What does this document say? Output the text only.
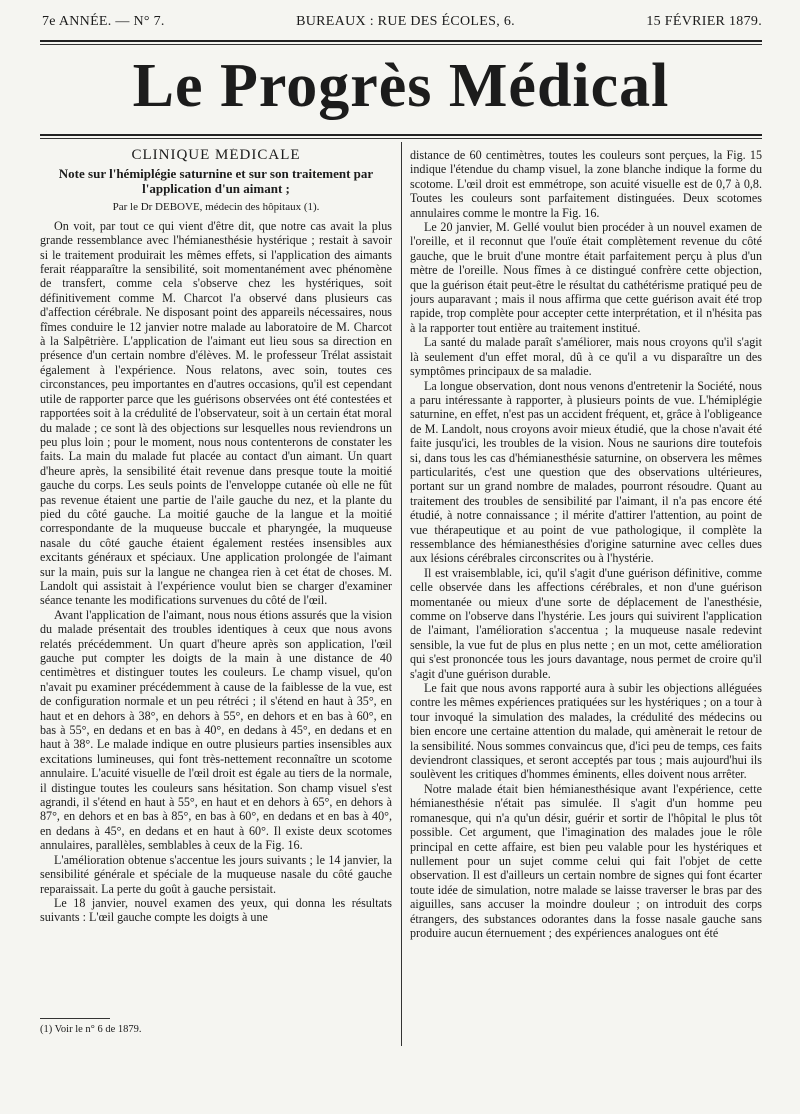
7e ANNÉE. — N° 7.	BUREAUX : RUE DES ÉCOLES, 6.	15 FÉVRIER 1879.
Le Progrès Médical
CLINIQUE MÉDICALE
Note sur l'hémiplégie saturnine et sur son traitement par l'application d'un aimant ;
Par le Dr DEBOVE, médecin des hôpitaux (1).

On voit, par tout ce qui vient d'être dit, que notre cas avait la plus grande ressemblance avec l'hémianesthésie hystérique ; restait à savoir si le traitement produirait les mêmes effets, si l'application des aimants ferait réapparaître la sensibilité, soit momentanément avec phénomène de transfert, comme cela s'observe chez les hystériques, soit définitivement comme M. Charcot l'a observé dans plusieurs cas d'affection cérébrale. Ne disposant point des appareils nécessaires, nous fîmes conduire le 12 janvier notre malade au laboratoire de M. Charcot à la Salpêtrière. L'application de l'aimant eut lieu sous sa direction en présence d'un certain nombre d'élèves. M. le professeur Trélat assistait également à l'expérience. Nous relatons, avec soin, toutes ces circonstances, peu importantes en d'autres occasions, qu'il est cependant utile de rapporter parce que les guérisons observées ont été contestées et rapportées soit à la crédulité de l'observateur, soit à un certain état moral du malade ; ce sont là des objections sur lesquelles nous reviendrons un peu plus loin ; pour le moment, nous nous contenterons de constater les faits. La main du malade fut placée au contact d'un aimant. Un quart d'heure après, la sensibilité était revenue dans presque toute la moitié gauche du corps. Les seuls points de l'enveloppe cutanée où elle ne fût pas revenue étaient une partie de l'aile gauche du nez, et la plante du pied du côté gauche. La moitié gauche de la langue et la moitié correspondante de la muqueuse buccale et pharyngée, la muqueuse nasale du côté gauche étaient également restées insensibles aux excitants généraux et spéciaux. Une application prolongée de l'aimant sur la main, puis sur la langue ne changea rien à cet état de choses. M. Landolt qui assistait à l'expérience voulut bien se charger d'examiner séance tenante les modifications survenues du côté de l'œil.

Avant l'application de l'aimant, nous nous étions assurés que la vision du malade présentait des troubles identiques à ceux que nous avons relatés précédemment. Un quart d'heure après son application, l'œil gauche put compter les doigts de la main à une distance de 40 centimètres et distinguer toutes les couleurs. Le champ visuel, qu'on n'avait pu examiner précédemment à cause de la faiblesse de la vue, est de configuration normale et un peu rétréci ; il s'étend en haut à 35°, en haut et en dehors à 38°, en dehors à 55°, en dehors et en bas à 60°, en bas à 55°, en dedans et en bas à 40°, en dedans à 45°, en dedans et en haut à 38°. Le malade indique en outre plusieurs parties insensibles aux excitations lumineuses, qui font très-nettement reconnaître un scotome annulaire. L'acuité visuelle de l'œil droit est égale au tiers de la normale, il distingue toutes les couleurs sans hésitation. Son champ visuel s'est agrandi, il s'étend en haut à 55°, en haut et en dehors à 65°, en dehors à 87°, en dehors et en bas à 85°, en bas à 60°, en dedans et en bas à 40°, en dedans à 45°, en dedans et en haut à 60°. Il existe deux scotomes annulaires, parallèles, semblables à ceux de la Fig. 16.

L'amélioration obtenue s'accentue les jours suivants ; le 14 janvier, la sensibilité générale et spéciale de la muqueuse nasale du côté gauche reparaissait. La perte du goût à gauche persistait.

Le 18 janvier, nouvel examen des yeux, qui donna les résultats suivants : L'œil gauche compte les doigts à une

distance de 60 centimètres, toutes les couleurs sont perçues, la Fig. 15 indique l'étendue du champ visuel, la zone blanche indique la forme du scotome. L'œil droit est emmétrope, son acuité visuelle est de 0,7 à 0,8. Toutes les couleurs sont parfaitement distinguées. Deux scotomes annulaires comme le montre la Fig. 16.

Le 20 janvier, M. Gellé voulut bien procéder à un nouvel examen de l'oreille, et il reconnut que l'ouïe était complètement revenue du côté gauche, que le bruit d'une montre était parfaitement perçu à plus d'un mètre de l'oreille. Nous fîmes à ce distingué confrère cette objection, que la guérison était peut-être le résultat du cathétérisme pratiqué peu de jours auparavant ; mais il nous affirma que cette guérison avait été trop rapide, trop complète pour accepter cette interprétation, et il n'hésita pas à la rapporter tout entière au traitement institué.

La santé du malade paraît s'améliorer, mais nous croyons qu'il s'agit là seulement d'un effet moral, dû à ce qu'il a vu disparaître un des symptômes principaux de sa maladie.

La longue observation, dont nous venons d'entretenir la Société, nous a paru intéressante à rapporter, à plusieurs points de vue. L'hémiplégie saturnine, en effet, n'est pas un accident fréquent, et, grâce à l'obligeance de M. Landolt, nous croyons avoir mieux étudié, que la chose n'avait été faite jusqu'ici, les troubles de la vision. Nous ne saurions dire toutefois si, dans tous les cas d'hémianesthésie saturnine, on observera les mêmes particularités, c'est une question que des observations ultérieures, portant sur un grand nombre de malades, pourront résoudre. Quant au traitement des troubles de sensibilité par l'aimant, il n'a pas encore été étudié, à notre connaissance ; il mérite d'attirer l'attention, au point de vue thérapeutique et au point de vue pathologique, il complète la ressemblance des hémianesthésies d'origine saturnine avec celles dues aux lésions cérébrales circonscrites ou à l'hystérie.

Il est vraisemblable, ici, qu'il s'agit d'une guérison définitive, comme celle observée dans les affections cérébrales, et non d'une guérison momentanée ou mieux d'une sorte de déplacement de l'anesthésie, comme on l'observe dans l'hystérie. Les jours qui suivirent l'application de l'aimant, l'amélioration s'accentua ; la muqueuse nasale redevint sensible, la vue fut de plus en plus nette ; en un mot, cette amélioration qui s'est prononcée tous les jours davantage, nous permet de croire qu'il s'agit d'une guérison durable.

Le fait que nous avons rapporté aura à subir les objections alléguées contre les mêmes expériences pratiquées sur les hystériques ; on a tour à tour invoqué la simulation des malades, la crédulité des médecins ou bien encore une certaine attention du malade, qui amènerait le retour de la sensibilité. Nous sommes convaincus que, d'ici peu de temps, ces faits deviendront classiques, et seront acceptés par tous ; mais aujourd'hui ils soulèvent les critiques d'hommes éminents, elles doivent nous arrêter.

Notre malade était bien hémianesthésique avant l'expérience, cette hémianesthésie n'était pas simulée. Il s'agit d'un homme peu romanesque, qui n'a qu'un désir, guérir et sortir de l'hôpital le plus tôt possible. Cet argument, que l'imagination des malades joue le rôle principal en cette affaire, est bien peu valable pour les hystériques et nullement pour un sujet comme celui qui fait l'objet de cette observation. Il est d'ailleurs un certain nombre de signes qui font écarter toute idée de simulation, notre malade se laisse traverser le bras par des aiguilles, sans accuser la moindre douleur ; on introduit des corps étrangers, des substances odorantes dans la fosse nasale gauche sans produire aucun éternuement ; des expériences analogues ont été

(1) Voir le n° 6 de 1879.
